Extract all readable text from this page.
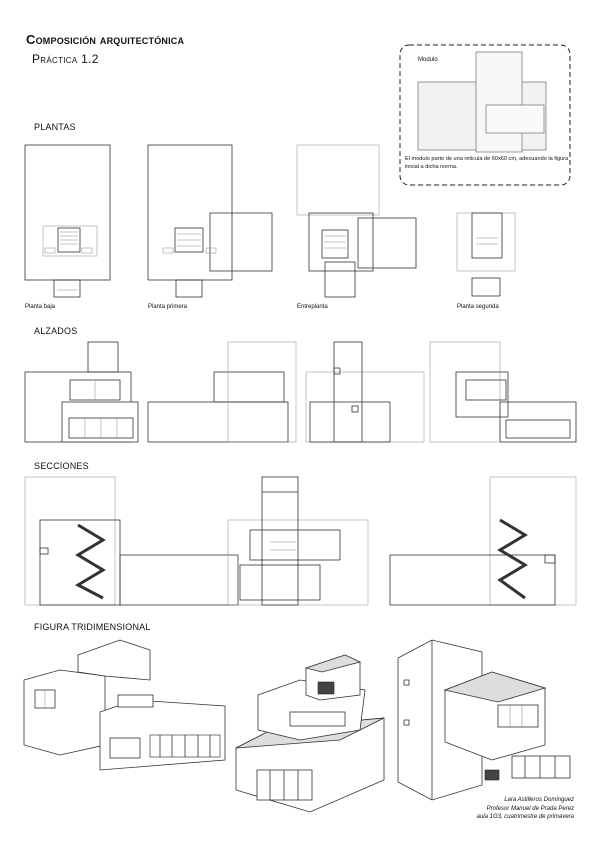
Composición arquitectónica
Práctica 1.2
PLANTAS
ALZADOS
SECCIONES
FIGURA TRIDIMENSIONAL
Planta baja	Planta primera	Entreplanta	Planta segunda
Modulo
El modulo parte de una reticula de 60x60 cm, adecuando la figura inicial a dicha norma.
Lara Astilleros Dominguez
Profesor Manuel de Prada Perez
aula 1G3, cuatrimestre de primavera
